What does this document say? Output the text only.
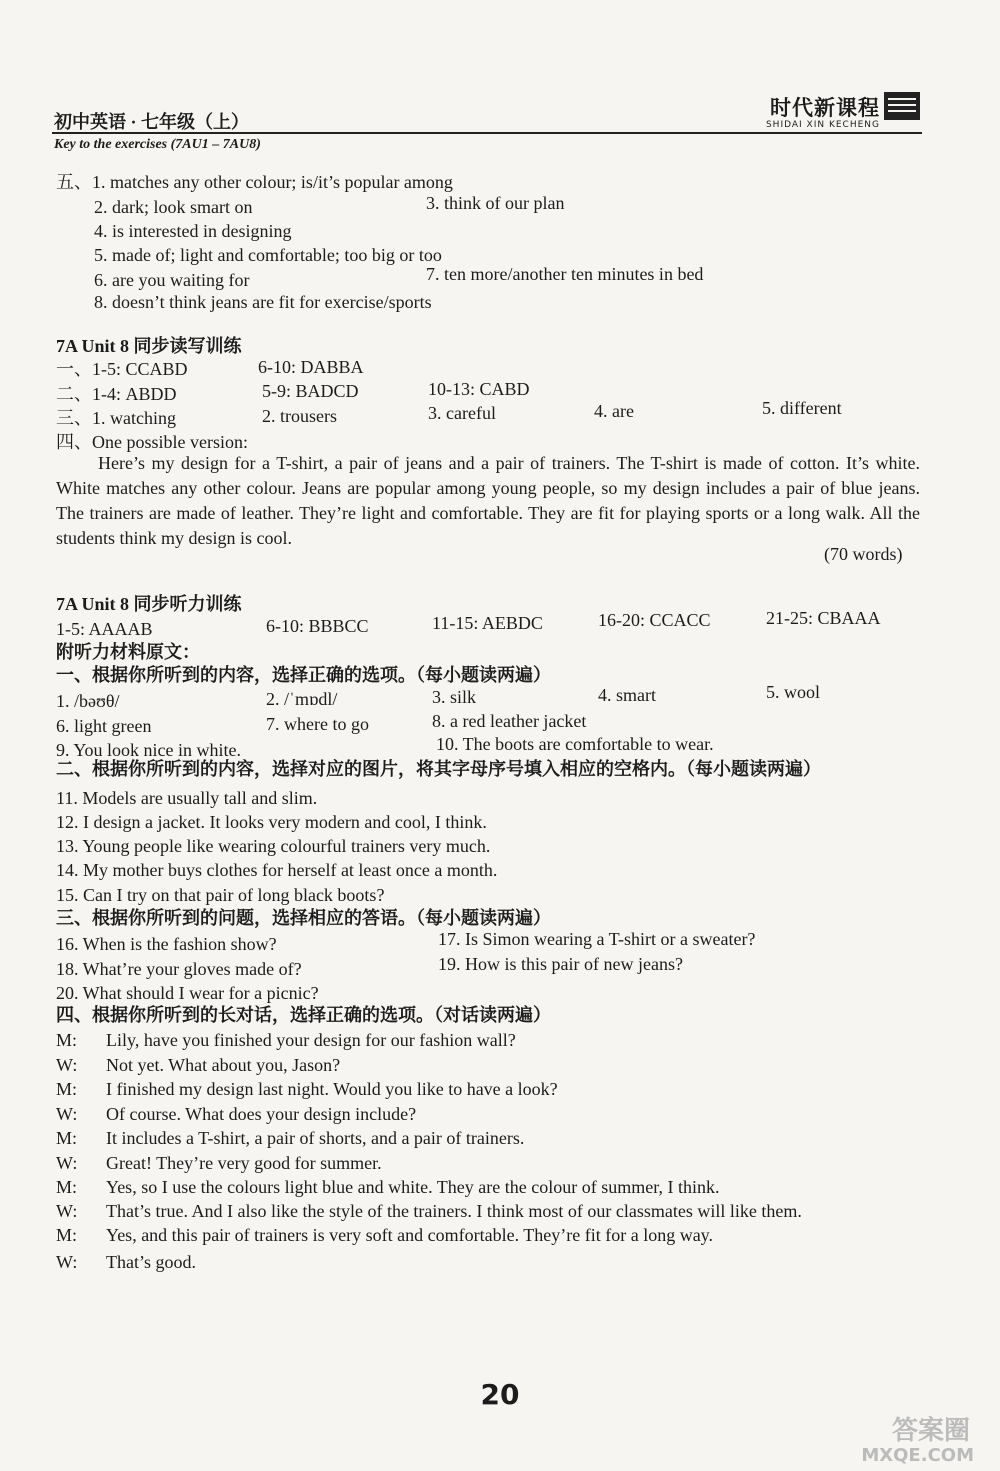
初中英语 · 七年级（上）
Key to the exercises (7AU1 – 7AU8)
时代新课程
SHIDAI XIN KECHENG
五、1. matches any other colour; is/it’s popular among
2. dark; look smart on	3. think of our plan
4. is interested in designing
5. made of; light and comfortable; too big or too
6. are you waiting for	7. ten more/another ten minutes in bed
8. doesn’t think jeans are fit for exercise/sports
7A Unit 8 同步读写训练
一、1-5: CCABD	6-10: DABBA
二、1-4: ABDD	5-9: BADCD	10-13: CABD
三、1. watching	2. trousers	3. careful	4. are	5. different
四、One possible version:

Here’s my design for a T-shirt, a pair of jeans and a pair of trainers. The T-shirt is made of cotton. It’s white. White matches any other colour. Jeans are popular among young people, so my design includes a pair of blue jeans. The trainers are made of leather. They’re light and comfortable. They are fit for playing sports or a long walk. All the students think my design is cool.

(70 words)
7A Unit 8 同步听力训练
1-5: AAAAB	6-10: BBBCC	11-15: AEBDC	16-20: CCACC	21-25: CBAAA
附听力材料原文：
一、根据你所听到的内容，选择正确的选项。（每小题读两遍）
1. /bəʊθ/	2. /ˈmɒdl/	3. silk	4. smart	5. wool
6. light green	7. where to go	8. a red leather jacket
9. You look nice in white.	10. The boots are comfortable to wear.
二、根据你所听到的内容，选择对应的图片，将其字母序号填入相应的空格内。（每小题读两遍）
11. Models are usually tall and slim.
12. I design a jacket. It looks very modern and cool, I think.
13. Young people like wearing colourful trainers very much.
14. My mother buys clothes for herself at least once a month.
15. Can I try on that pair of long black boots?
三、根据你所听到的问题，选择相应的答语。（每小题读两遍）
16. When is the fashion show?	17. Is Simon wearing a T-shirt or a sweater?
18. What’re your gloves made of?	19. How is this pair of new jeans?
20. What should I wear for a picnic?
四、根据你所听到的长对话，选择正确的选项。（对话读两遍）
M: Lily, have you finished your design for our fashion wall?
W: Not yet. What about you, Jason?
M: I finished my design last night. Would you like to have a look?
W: Of course. What does your design include?
M: It includes a T-shirt, a pair of shorts, and a pair of trainers.
W: Great! They’re very good for summer.
M: Yes, so I use the colours light blue and white. They are the colour of summer, I think.
W: That’s true. And I also like the style of the trainers. I think most of our classmates will like them.
M: Yes, and this pair of trainers is very soft and comfortable. They’re fit for a long way.
W: That’s good.
20
答案圈
MXQE.COM
